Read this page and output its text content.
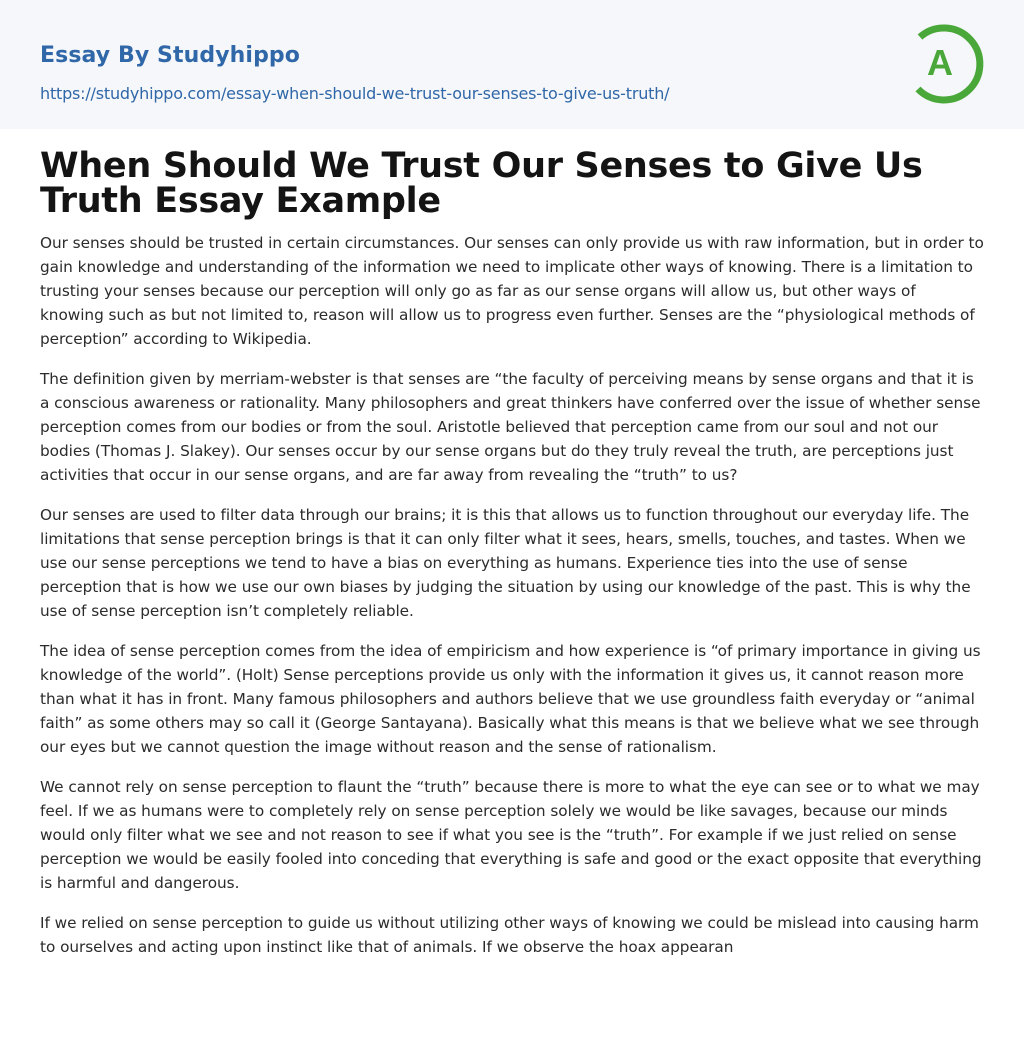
Essay By Studyhippo
https://studyhippo.com/essay-when-should-we-trust-our-senses-to-give-us-truth/
A
When Should We Trust Our Senses to Give Us Truth Essay Example

Our senses should be trusted in certain circumstances. Our senses can only provide us with raw information, but in order to gain knowledge and understanding of the information we need to implicate other ways of knowing. There is a limitation to trusting your senses because our perception will only go as far as our sense organs will allow us, but other ways of knowing such as but not limited to, reason will allow us to progress even further. Senses are the “physiological methods of perception” according to Wikipedia.

The definition given by merriam-webster is that senses are “the faculty of perceiving means by sense organs and that it is a conscious awareness or rationality. Many philosophers and great thinkers have conferred over the issue of whether sense perception comes from our bodies or from the soul. Aristotle believed that perception came from our soul and not our bodies (Thomas J. Slakey). Our senses occur by our sense organs but do they truly reveal the truth, are perceptions just activities that occur in our sense organs, and are far away from revealing the “truth” to us?

Our senses are used to filter data through our brains; it is this that allows us to function throughout our everyday life. The limitations that sense perception brings is that it can only filter what it sees, hears, smells, touches, and tastes. When we use our sense perceptions we tend to have a bias on everything as humans. Experience ties into the use of sense perception that is how we use our own biases by judging the situation by using our knowledge of the past. This is why the use of sense perception isn’t completely reliable.

The idea of sense perception comes from the idea of empiricism and how experience is “of primary importance in giving us knowledge of the world”. (Holt) Sense perceptions provide us only with the information it gives us, it cannot reason more than what it has in front. Many famous philosophers and authors believe that we use groundless faith everyday or “animal faith” as some others may so call it (George Santayana). Basically what this means is that we believe what we see through our eyes but we cannot question the image without reason and the sense of rationalism.

We cannot rely on sense perception to flaunt the “truth” because there is more to what the eye can see or to what we may feel. If we as humans were to completely rely on sense perception solely we would be like savages, because our minds would only filter what we see and not reason to see if what you see is the “truth”. For example if we just relied on sense perception we would be easily fooled into conceding that everything is safe and good or the exact opposite that everything is harmful and dangerous.

If we relied on sense perception to guide us without utilizing other ways of knowing we could be mislead into causing harm to ourselves and acting upon instinct like that of animals. If we observe the hoax appearan
